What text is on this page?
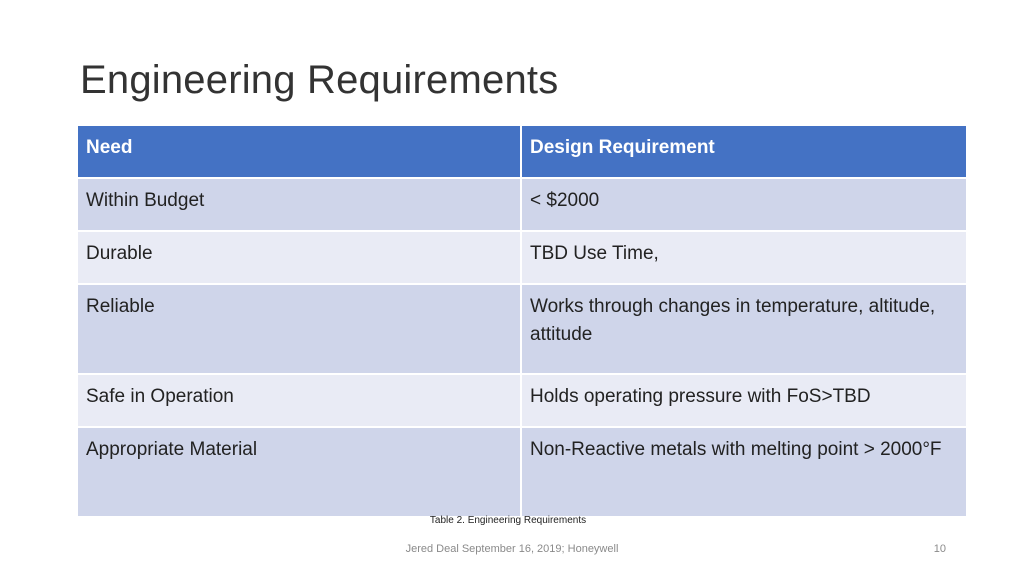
Engineering Requirements
Need	Design Requirement
Within Budget	< $2000
Durable	TBD Use Time,
Reliable	Works through changes in temperature, altitude, attitude
Safe in Operation	Holds operating pressure with FoS>TBD
Appropriate Material	Non-Reactive metals with melting point > 2000°F
Table 2. Engineering Requirements
Jered Deal September 16, 2019; Honeywell	10
